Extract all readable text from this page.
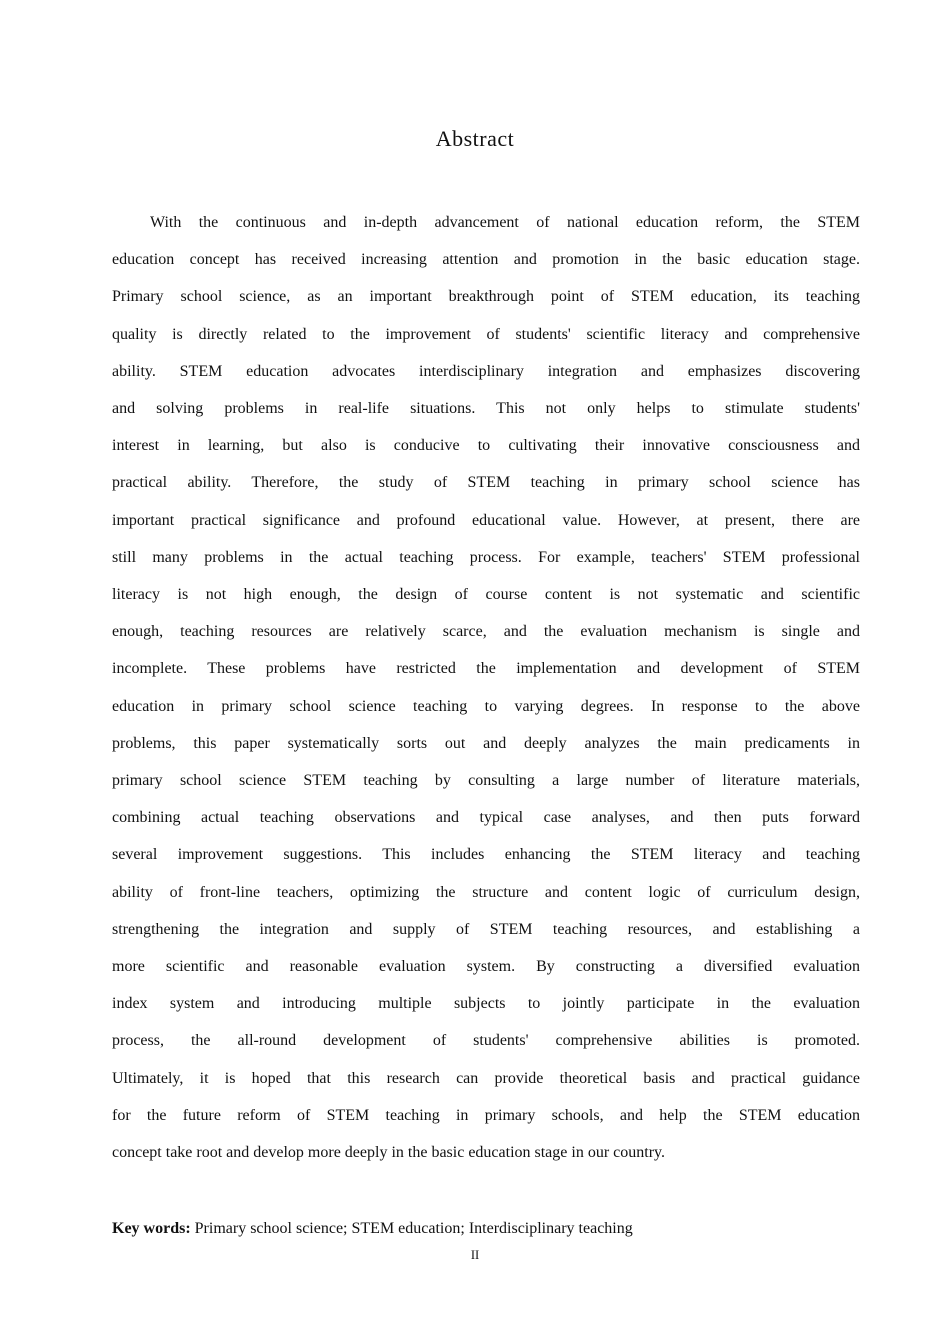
Abstract
With the continuous and in-depth advancement of national education reform, the STEM
education concept has received increasing attention and promotion in the basic education stage.
Primary school science, as an important breakthrough point of STEM education, its teaching
quality is directly related to the improvement of students' scientific literacy and comprehensive
ability. STEM education advocates interdisciplinary integration and emphasizes discovering
and solving problems in real-life situations. This not only helps to stimulate students'
interest in learning, but also is conducive to cultivating their innovative consciousness and
practical ability. Therefore, the study of STEM teaching in primary school science has
important practical significance and profound educational value. However, at present, there are
still many problems in the actual teaching process. For example, teachers' STEM professional
literacy is not high enough, the design of course content is not systematic and scientific
enough, teaching resources are relatively scarce, and the evaluation mechanism is single and
incomplete. These problems have restricted the implementation and development of STEM
education in primary school science teaching to varying degrees. In response to the above
problems, this paper systematically sorts out and deeply analyzes the main predicaments in
primary school science STEM teaching by consulting a large number of literature materials,
combining actual teaching observations and typical case analyses, and then puts forward
several improvement suggestions. This includes enhancing the STEM literacy and teaching
ability of front-line teachers, optimizing the structure and content logic of curriculum design,
strengthening the integration and supply of STEM teaching resources, and establishing a
more scientific and reasonable evaluation system. By constructing a diversified evaluation
index system and introducing multiple subjects to jointly participate in the evaluation
process, the all-round development of students' comprehensive abilities is promoted.
Ultimately, it is hoped that this research can provide theoretical basis and practical guidance
for the future reform of STEM teaching in primary schools, and help the STEM education
concept take root and develop more deeply in the basic education stage in our country.

Key words: Primary school science; STEM education; Interdisciplinary teaching

II
